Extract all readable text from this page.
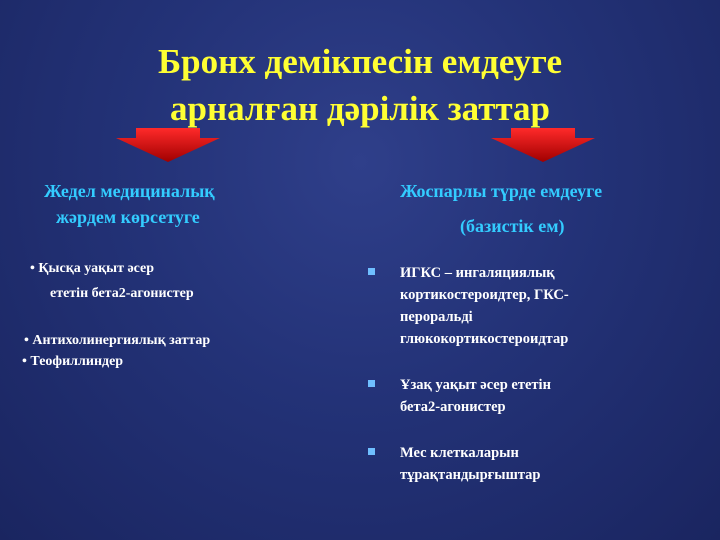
Бронх демікпесін емдеуге
арналған дәрілік заттар
Жедел медициналық
жәрдем көрсетуге
• Қысқа уақыт әсер
ететін бета2-агонистер
• Антихолинергиялық заттар
• Теофиллиндер
Жоспарлы түрде емдеуге
(базистік ем)
ИГКС – ингаляциялық
кортикостероидтер, ГКС-
пероральді
глюкокортикостероидтар
Ұзақ уақыт әсер ететін
бета2-агонистер
Мес клеткаларын
тұрақтандырғыштар
